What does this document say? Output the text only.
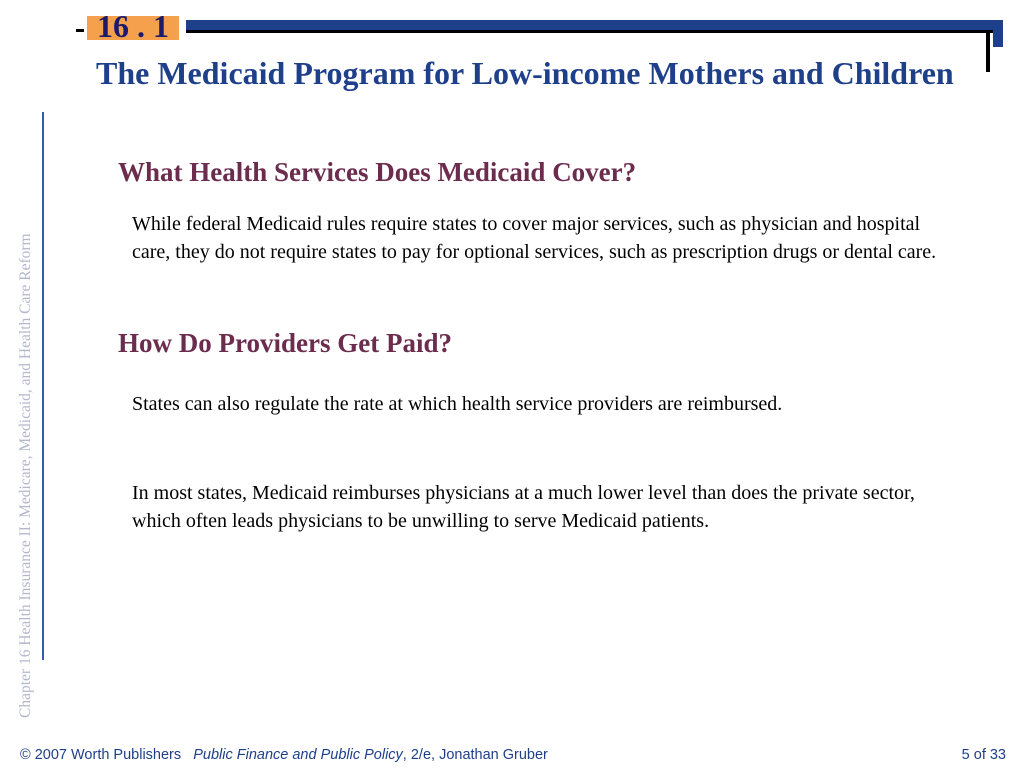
16 . 1
Chapter 16 Health Insurance II: Medicare, Medicaid, and Health Care Reform
The Medicaid Program for Low-income Mothers and Children
What Health Services Does Medicaid Cover?
While federal Medicaid rules require states to cover major services, such as physician and hospital care, they do not require states to pay for optional services, such as prescription drugs or dental care.
How Do Providers Get Paid?
States can also regulate the rate at which health service providers are reimbursed.
In most states, Medicaid reimburses physicians at a much lower level than does the private sector, which often leads physicians to be unwilling to serve Medicaid patients.
© 2007 Worth Publishers Public Finance and Public Policy, 2/e, Jonathan Gruber	5 of 33
